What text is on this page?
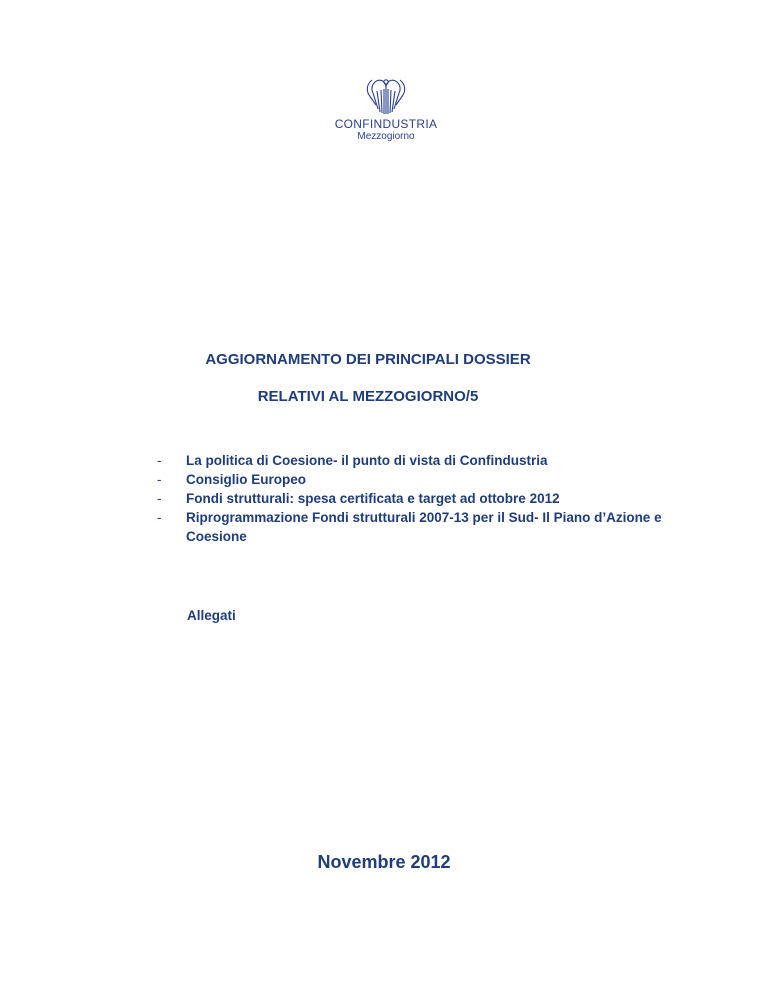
CONFINDUSTRIA
Mezzogiorno
AGGIORNAMENTO DEI PRINCIPALI DOSSIER
RELATIVI AL MEZZOGIORNO/5
- La politica di Coesione- il punto di vista di Confindustria
- Consiglio Europeo
- Fondi strutturali: spesa certificata e target ad ottobre 2012
- Riprogrammazione Fondi strutturali 2007-13 per il Sud- Il Piano d’Azione e Coesione
Allegati
Novembre 2012
